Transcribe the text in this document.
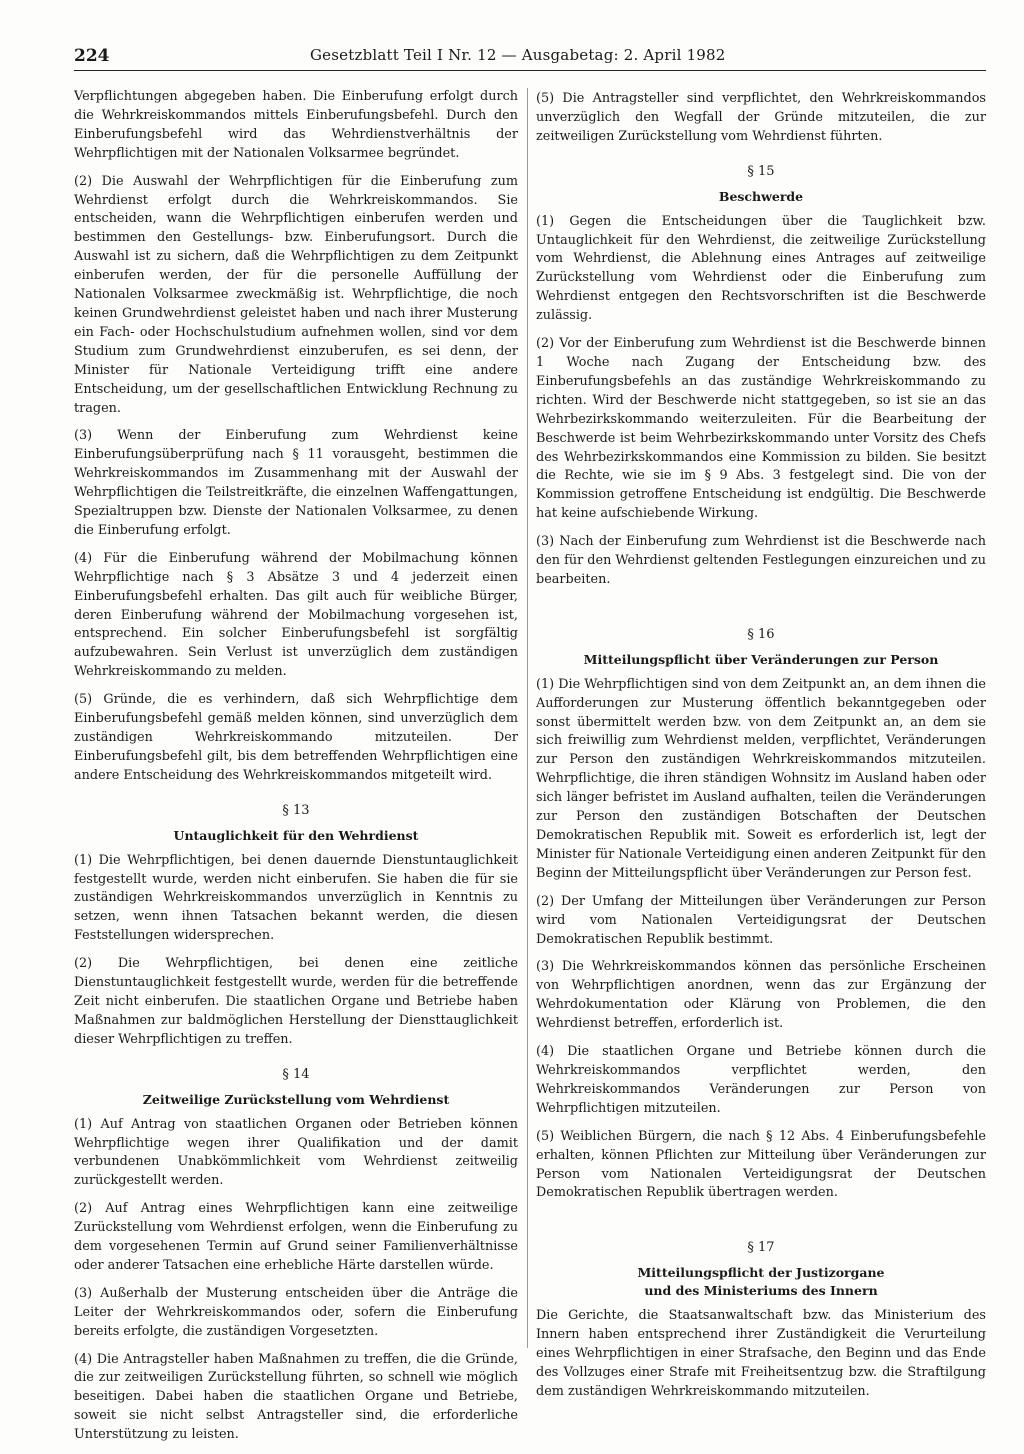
224	Gesetzblatt Teil I Nr. 12 — Ausgabetag: 2. April 1982

Verpflichtungen abgegeben haben. Die Einberufung erfolgt durch die Wehrkreiskommandos mittels Einberufungsbefehl. Durch den Einberufungsbefehl wird das Wehrdienstverhältnis der Wehrpflichtigen mit der Nationalen Volksarmee begründet.

(2) Die Auswahl der Wehrpflichtigen für die Einberufung zum Wehrdienst erfolgt durch die Wehrkreiskommandos. Sie entscheiden, wann die Wehrpflichtigen einberufen werden und bestimmen den Gestellungs- bzw. Einberufungsort. Durch die Auswahl ist zu sichern, daß die Wehrpflichtigen zu dem Zeitpunkt einberufen werden, der für die personelle Auffüllung der Nationalen Volksarmee zweckmäßig ist. Wehrpflichtige, die noch keinen Grundwehrdienst geleistet haben und nach ihrer Musterung ein Fach- oder Hochschulstudium aufnehmen wollen, sind vor dem Studium zum Grundwehrdienst einzuberufen, es sei denn, der Minister für Nationale Verteidigung trifft eine andere Entscheidung, um der gesellschaftlichen Entwicklung Rechnung zu tragen.

(3) Wenn der Einberufung zum Wehrdienst keine Einberufungsüberprüfung nach § 11 vorausgeht, bestimmen die Wehrkreiskommandos im Zusammenhang mit der Auswahl der Wehrpflichtigen die Teilstreitkräfte, die einzelnen Waffengattungen, Spezialtruppen bzw. Dienste der Nationalen Volksarmee, zu denen die Einberufung erfolgt.

(4) Für die Einberufung während der Mobilmachung können Wehrpflichtige nach § 3 Absätze 3 und 4 jederzeit einen Einberufungsbefehl erhalten. Das gilt auch für weibliche Bürger, deren Einberufung während der Mobilmachung vorgesehen ist, entsprechend. Ein solcher Einberufungsbefehl ist sorgfältig aufzubewahren. Sein Verlust ist unverzüglich dem zuständigen Wehrkreiskommando zu melden.

(5) Gründe, die es verhindern, daß sich Wehrpflichtige dem Einberufungsbefehl gemäß melden können, sind unverzüglich dem zuständigen Wehrkreiskommando mitzuteilen. Der Einberufungsbefehl gilt, bis dem betreffenden Wehrpflichtigen eine andere Entscheidung des Wehrkreiskommandos mitgeteilt wird.

§ 13
Untauglichkeit für den Wehrdienst

(1) Die Wehrpflichtigen, bei denen dauernde Dienstuntauglichkeit festgestellt wurde, werden nicht einberufen. Sie haben die für sie zuständigen Wehrkreiskommandos unverzüglich in Kenntnis zu setzen, wenn ihnen Tatsachen bekannt werden, die diesen Feststellungen widersprechen.

(2) Die Wehrpflichtigen, bei denen eine zeitliche Dienstuntauglichkeit festgestellt wurde, werden für die betreffende Zeit nicht einberufen. Die staatlichen Organe und Betriebe haben Maßnahmen zur baldmöglichen Herstellung der Diensttauglichkeit dieser Wehrpflichtigen zu treffen.

§ 14
Zeitweilige Zurückstellung vom Wehrdienst

(1) Auf Antrag von staatlichen Organen oder Betrieben können Wehrpflichtige wegen ihrer Qualifikation und der damit verbundenen Unabkömmlichkeit vom Wehrdienst zeitweilig zurückgestellt werden.

(2) Auf Antrag eines Wehrpflichtigen kann eine zeitweilige Zurückstellung vom Wehrdienst erfolgen, wenn die Einberufung zu dem vorgesehenen Termin auf Grund seiner Familienverhältnisse oder anderer Tatsachen eine erhebliche Härte darstellen würde.

(3) Außerhalb der Musterung entscheiden über die Anträge die Leiter der Wehrkreiskommandos oder, sofern die Einberufung bereits erfolgte, die zuständigen Vorgesetzten.

(4) Die Antragsteller haben Maßnahmen zu treffen, die die Gründe, die zur zeitweiligen Zurückstellung führten, so schnell wie möglich beseitigen. Dabei haben die staatlichen Organe und Betriebe, soweit sie nicht selbst Antragsteller sind, die erforderliche Unterstützung zu leisten.

(5) Die Antragsteller sind verpflichtet, den Wehrkreiskommandos unverzüglich den Wegfall der Gründe mitzuteilen, die zur zeitweiligen Zurückstellung vom Wehrdienst führten.

§ 15
Beschwerde

(1) Gegen die Entscheidungen über die Tauglichkeit bzw. Untauglichkeit für den Wehrdienst, die zeitweilige Zurückstellung vom Wehrdienst, die Ablehnung eines Antrages auf zeitweilige Zurückstellung vom Wehrdienst oder die Einberufung zum Wehrdienst entgegen den Rechtsvorschriften ist die Beschwerde zulässig.

(2) Vor der Einberufung zum Wehrdienst ist die Beschwerde binnen 1 Woche nach Zugang der Entscheidung bzw. des Einberufungsbefehls an das zuständige Wehrkreiskommando zu richten. Wird der Beschwerde nicht stattgegeben, so ist sie an das Wehrbezirkskommando weiterzuleiten. Für die Bearbeitung der Beschwerde ist beim Wehrbezirkskommando unter Vorsitz des Chefs des Wehrbezirkskommandos eine Kommission zu bilden. Sie besitzt die Rechte, wie sie im § 9 Abs. 3 festgelegt sind. Die von der Kommission getroffene Entscheidung ist endgültig. Die Beschwerde hat keine aufschiebende Wirkung.

(3) Nach der Einberufung zum Wehrdienst ist die Beschwerde nach den für den Wehrdienst geltenden Festlegungen einzureichen und zu bearbeiten.

§ 16
Mitteilungspflicht über Veränderungen zur Person

(1) Die Wehrpflichtigen sind von dem Zeitpunkt an, an dem ihnen die Aufforderungen zur Musterung öffentlich bekanntgegeben oder sonst übermittelt werden bzw. von dem Zeitpunkt an, an dem sie sich freiwillig zum Wehrdienst melden, verpflichtet, Veränderungen zur Person den zuständigen Wehrkreiskommandos mitzuteilen. Wehrpflichtige, die ihren ständigen Wohnsitz im Ausland haben oder sich länger befristet im Ausland aufhalten, teilen die Veränderungen zur Person den zuständigen Botschaften der Deutschen Demokratischen Republik mit. Soweit es erforderlich ist, legt der Minister für Nationale Verteidigung einen anderen Zeitpunkt für den Beginn der Mitteilungspflicht über Veränderungen zur Person fest.

(2) Der Umfang der Mitteilungen über Veränderungen zur Person wird vom Nationalen Verteidigungsrat der Deutschen Demokratischen Republik bestimmt.

(3) Die Wehrkreiskommandos können das persönliche Erscheinen von Wehrpflichtigen anordnen, wenn das zur Ergänzung der Wehrdokumentation oder Klärung von Problemen, die den Wehrdienst betreffen, erforderlich ist.

(4) Die staatlichen Organe und Betriebe können durch die Wehrkreiskommandos verpflichtet werden, den Wehrkreiskommandos Veränderungen zur Person von Wehrpflichtigen mitzuteilen.

(5) Weiblichen Bürgern, die nach § 12 Abs. 4 Einberufungsbefehle erhalten, können Pflichten zur Mitteilung über Veränderungen zur Person vom Nationalen Verteidigungsrat der Deutschen Demokratischen Republik übertragen werden.

§ 17
Mitteilungspflicht der Justizorgane
und des Ministeriums des Innern

Die Gerichte, die Staatsanwaltschaft bzw. das Ministerium des Innern haben entsprechend ihrer Zuständigkeit die Verurteilung eines Wehrpflichtigen in einer Strafsache, den Beginn und das Ende des Vollzuges einer Strafe mit Freiheitsentzug bzw. die Straftilgung dem zuständigen Wehrkreiskommando mitzuteilen.
